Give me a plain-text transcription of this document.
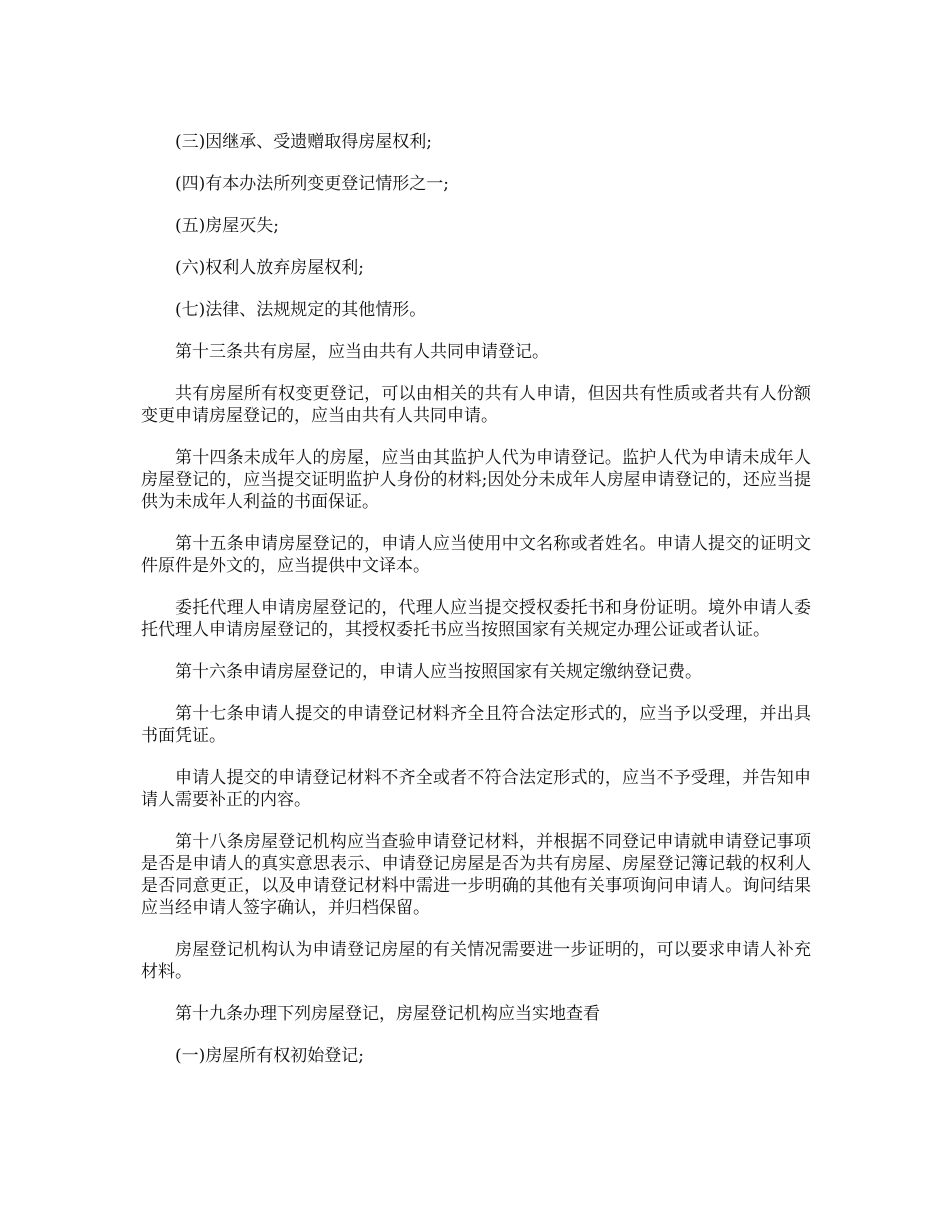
(三)因继承、受遗赠取得房屋权利;

(四)有本办法所列变更登记情形之一;

(五)房屋灭失;

(六)权利人放弃房屋权利;

(七)法律、法规规定的其他情形。

第十三条共有房屋，应当由共有人共同申请登记。

共有房屋所有权变更登记，可以由相关的共有人申请，但因共有性质或者共有人份额变更申请房屋登记的，应当由共有人共同申请。

第十四条未成年人的房屋，应当由其监护人代为申请登记。监护人代为申请未成年人房屋登记的，应当提交证明监护人身份的材料;因处分未成年人房屋申请登记的，还应当提供为未成年人利益的书面保证。

第十五条申请房屋登记的，申请人应当使用中文名称或者姓名。申请人提交的证明文件原件是外文的，应当提供中文译本。

委托代理人申请房屋登记的，代理人应当提交授权委托书和身份证明。境外申请人委托代理人申请房屋登记的，其授权委托书应当按照国家有关规定办理公证或者认证。

第十六条申请房屋登记的，申请人应当按照国家有关规定缴纳登记费。

第十七条申请人提交的申请登记材料齐全且符合法定形式的，应当予以受理，并出具书面凭证。

申请人提交的申请登记材料不齐全或者不符合法定形式的，应当不予受理，并告知申请人需要补正的内容。

第十八条房屋登记机构应当查验申请登记材料，并根据不同登记申请就申请登记事项是否是申请人的真实意思表示、申请登记房屋是否为共有房屋、房屋登记簿记载的权利人是否同意更正，以及申请登记材料中需进一步明确的其他有关事项询问申请人。询问结果应当经申请人签字确认，并归档保留。

房屋登记机构认为申请登记房屋的有关情况需要进一步证明的，可以要求申请人补充材料。

第十九条办理下列房屋登记，房屋登记机构应当实地查看

(一)房屋所有权初始登记;
